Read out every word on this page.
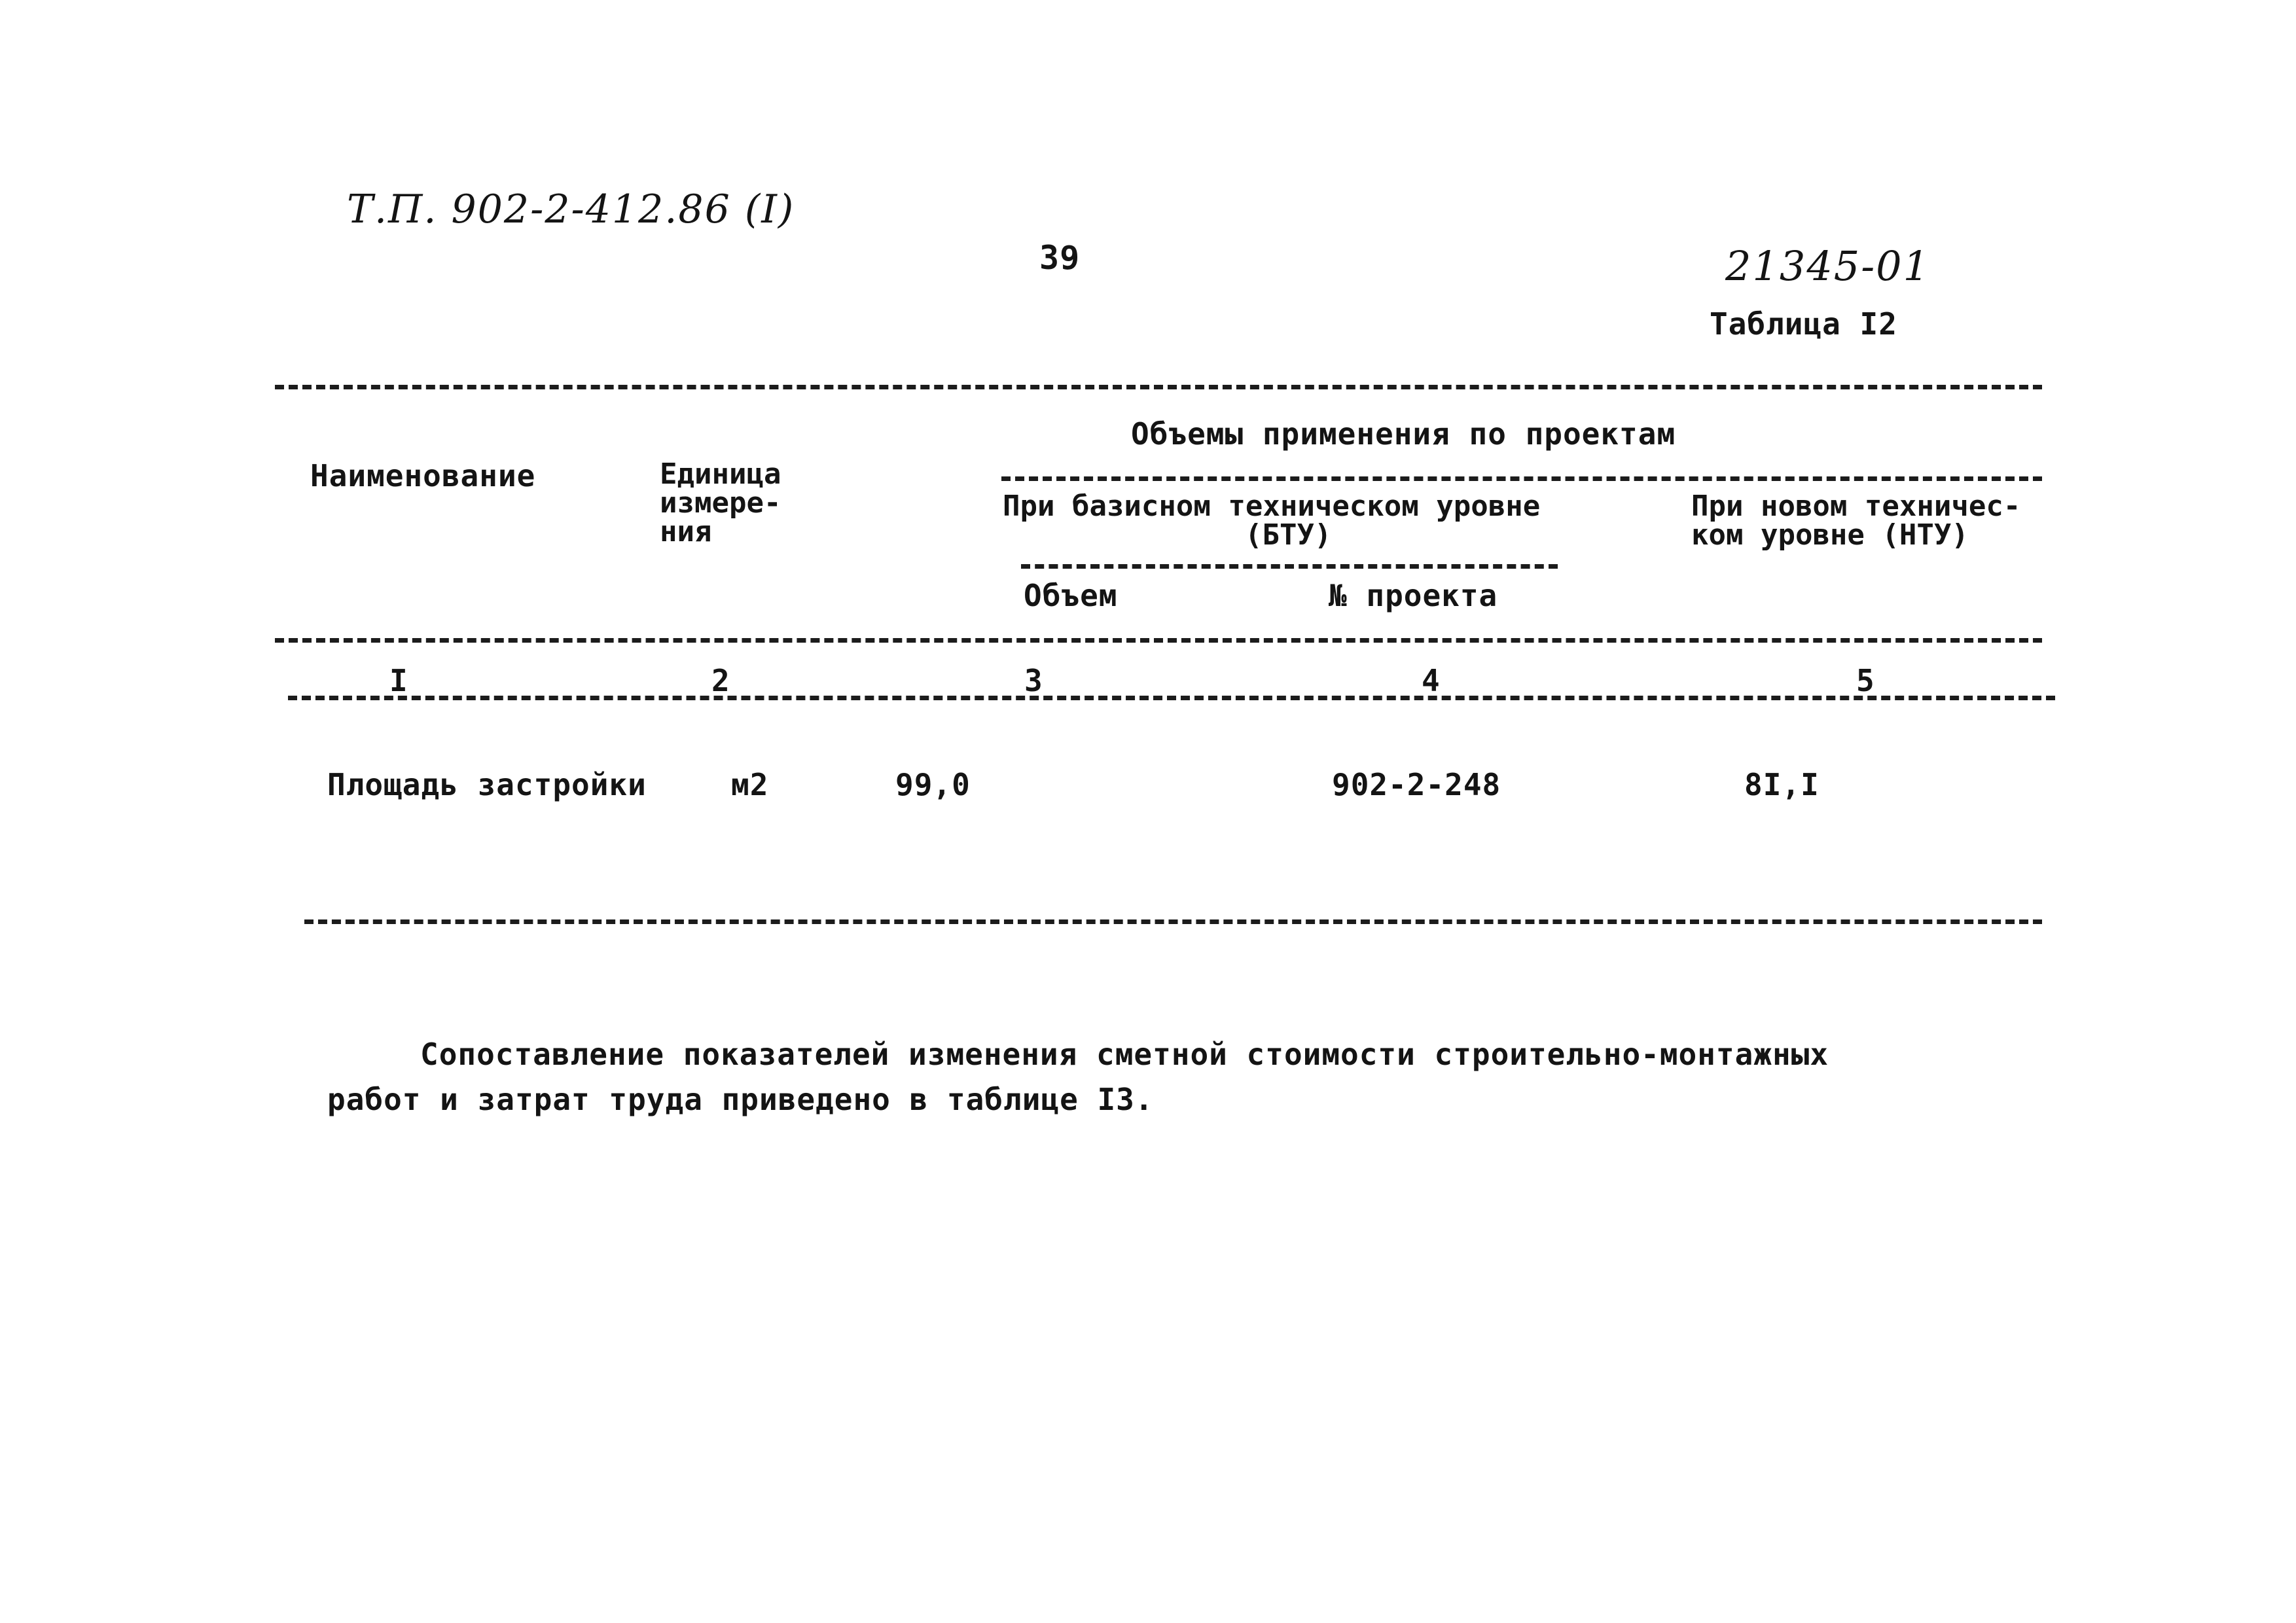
Т.П. 902-2-412.86 (I)
39	21345-01
Таблица I2
Наименование	Единица
измере-
ния
Объемы применения по проектам
При базисном техническом уровне
(БТУ)
При новом техничес-
ком уровне (НТУ)
Объем	№ проекта
I	2	3	4	5
Площадь застройки	м2	99,0	902-2-248	8I,I
Сопоставление показателей изменения сметной стоимости строительно-монтажных
работ и затрат труда приведено в таблице I3.
